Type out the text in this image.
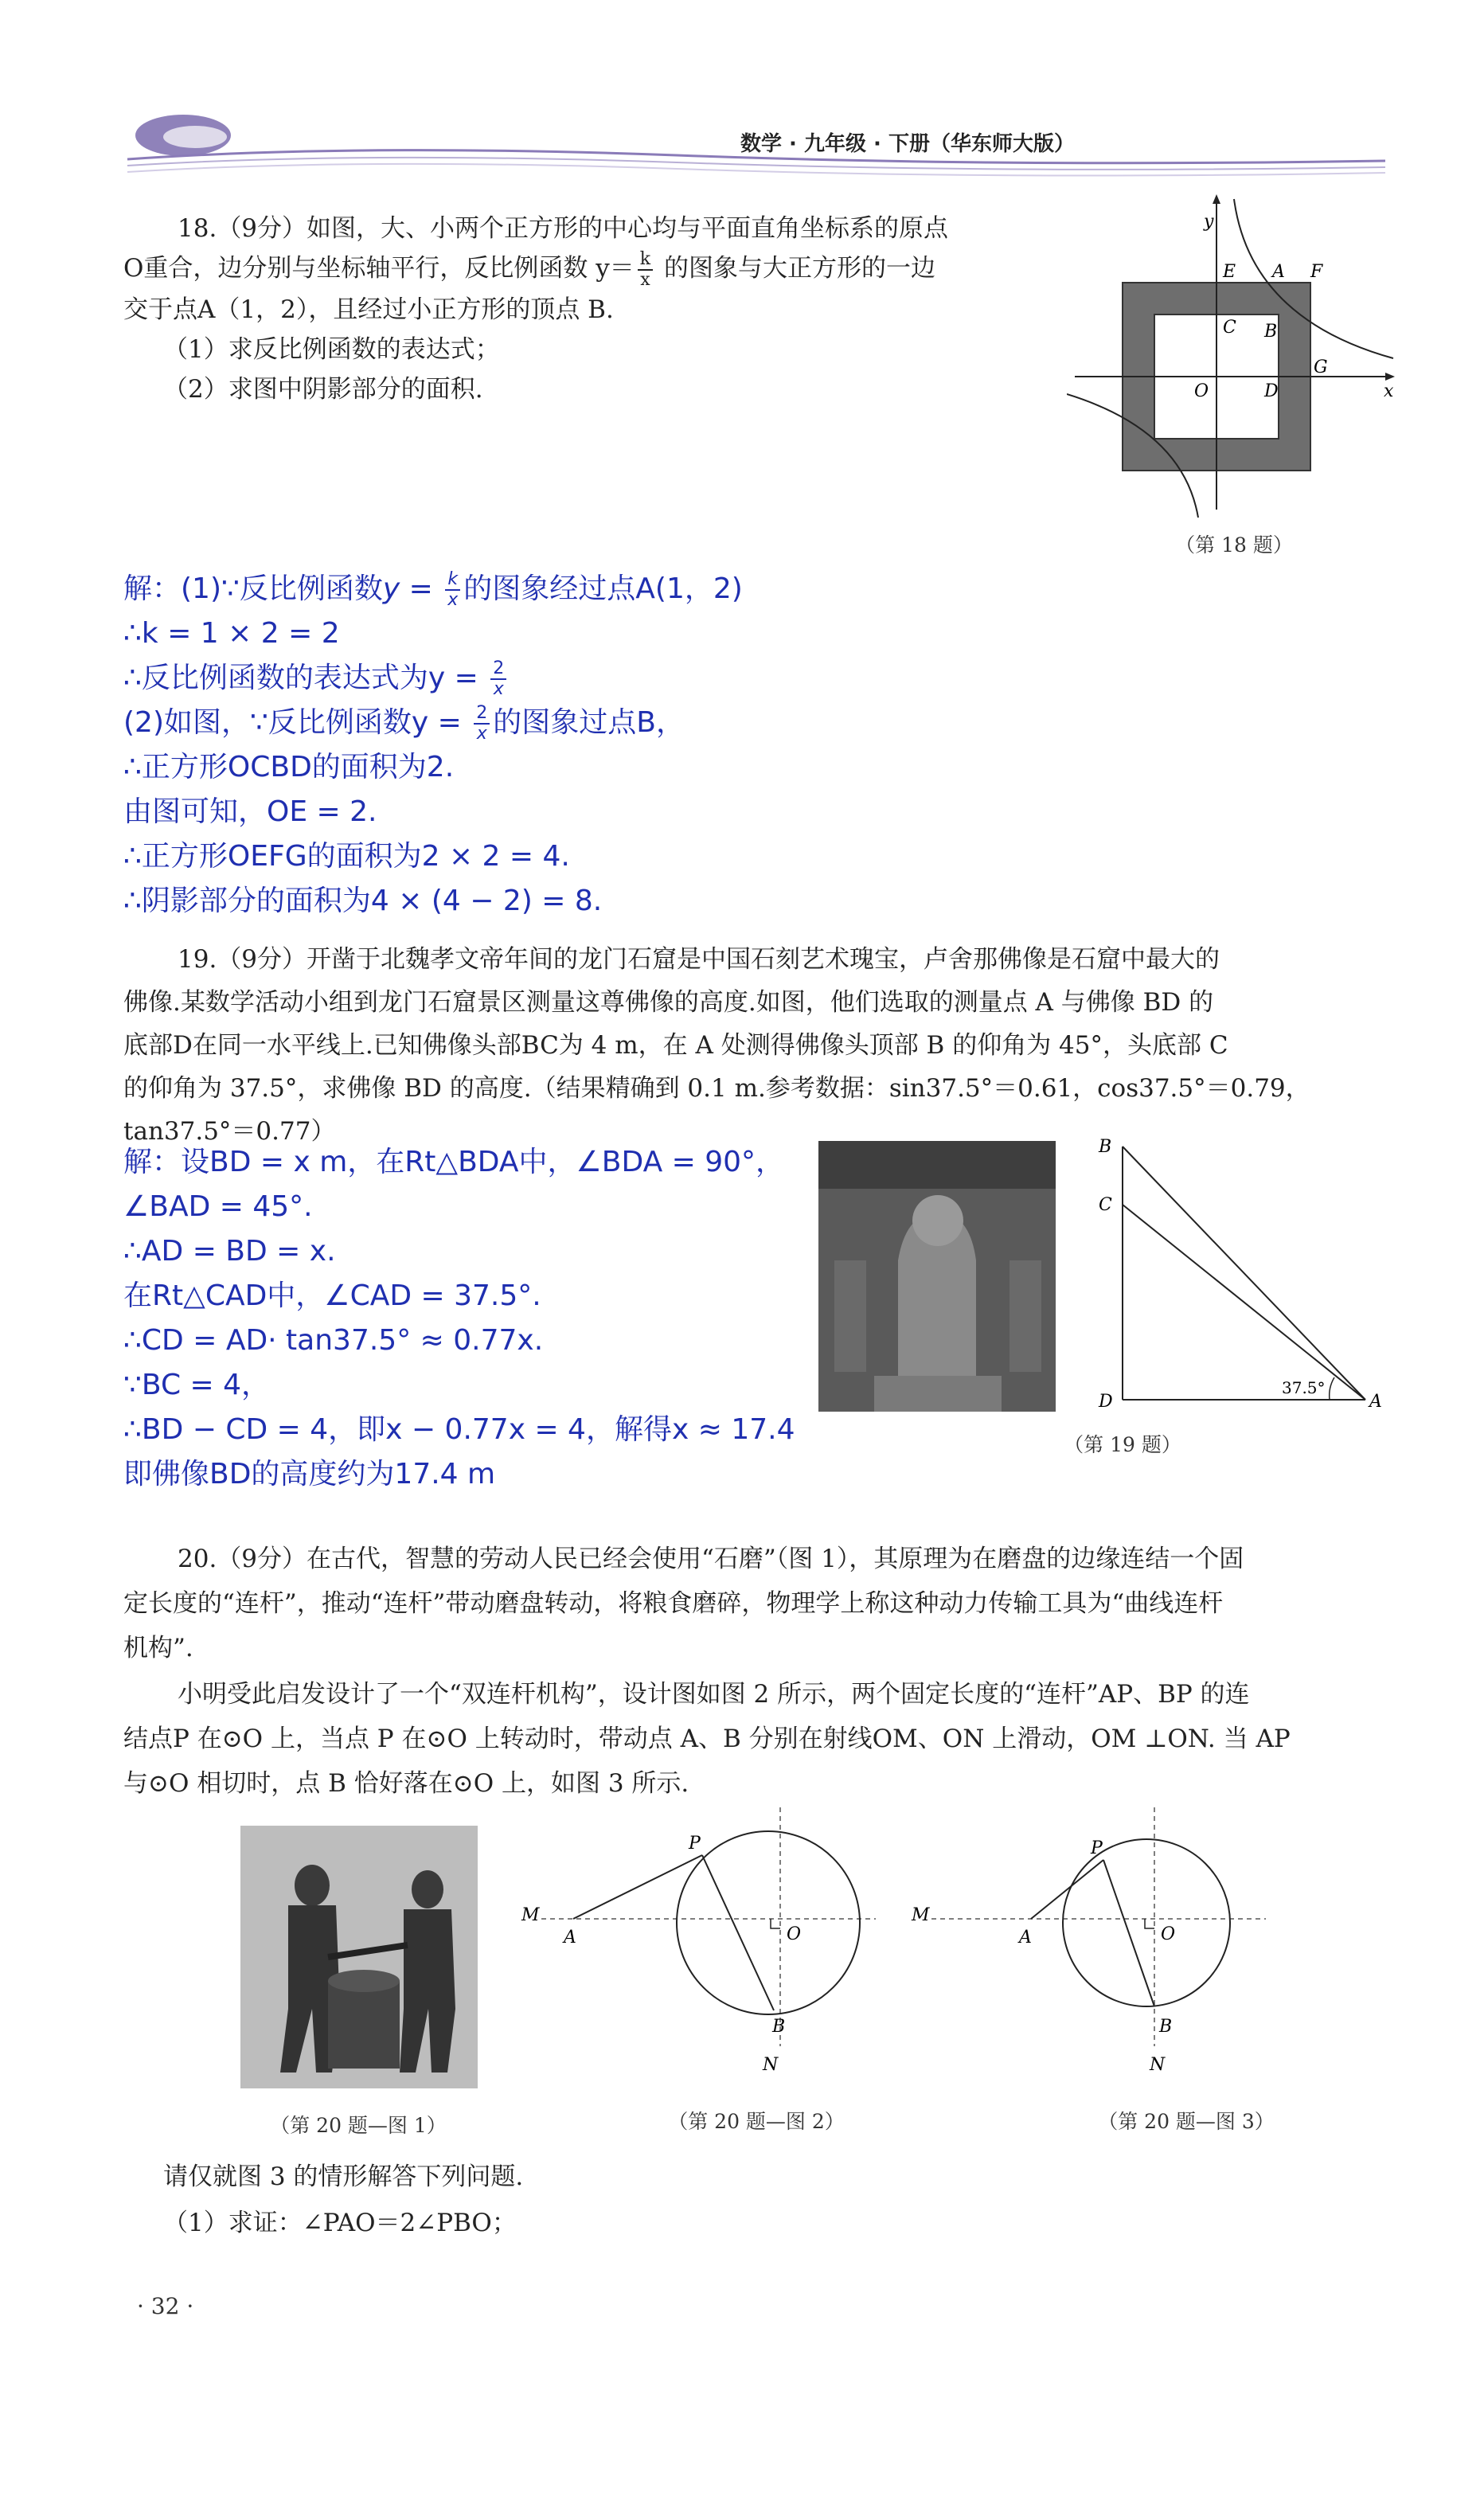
数学 · 九年级 · 下册（华东师大版）
18.（9分）如图，大、小两个正方形的中心均与平面直角坐标系的原点
O重合，边分别与坐标轴平行，反比例函数 $y= \frac{k}{x}$ 的图象与大正方形的一边
交于点A（1，2），且经过小正方形的顶点 B.
（1）求反比例函数的表达式；
（2）求图中阴影部分的面积.
y
x
E A F
C B
G
O	D
（第 18 题）
解：(1)∵反比例函数$y = \frac{k}{x}$ 的图象经过点A(1，2)
∴k = 1 × 2 = 2
∴反比例函数的表达式为$y = \frac{2}{x}$
(2)如图，∵反比例函数$y = \frac{2}{x}$ 的图象过点B，
∴正方形OCBD的面积为2.
由图可知，OE = 2.
∴正方形OEFG的面积为2 × 2 = 4.
∴阴影部分的面积为4 × (4 − 2) = 8.
19.（9分）开凿于北魏孝文帝年间的龙门石窟是中国石刻艺术瑰宝，卢舍那佛像是石窟中最大的
佛像.某数学活动小组到龙门石窟景区测量这尊佛像的高度.如图，他们选取的测量点 A 与佛像 BD 的
底部D在同一水平线上.已知佛像头部BC为 4 m，在 A 处测得佛像头顶部 B 的仰角为 45°，头底部 C
的仰角为 37.5°，求佛像 BD 的高度.（结果精确到 0.1 m.参考数据：sin37.5°＝0.61，cos37.5°＝0.79，
tan37.5°＝0.77）
解：设BD = x m，在Rt△BDA中，∠BDA = 90°，
∠BAD = 45°.
∴AD = BD = x.
在Rt△CAD中，∠CAD = 37.5°.
∴CD = AD· tan37.5° ≈ 0.77x.
∵BC = 4，
∴BD − CD = 4，即x − 0.77x = 4，解得x ≈ 17.4
即佛像BD的高度约为17.4 m
B
C
D	A
37.5°
（第 19 题）
20.（9分）在古代，智慧的劳动人民已经会使用“石磨”（图 1），其原理为在磨盘的边缘连结一个固
定长度的“连杆”，推动“连杆”带动磨盘转动，将粮食磨碎，物理学上称这种动力传输工具为“曲线连杆
机构”.
小明受此启发设计了一个“双连杆机构”，设计图如图 2 所示，两个固定长度的“连杆”AP、BP 的连
结点P 在⊙O 上，当点 P 在⊙O 上转动时，带动点 A、B 分别在射线OM、ON 上滑动，OM ⊥ON. 当 AP
与⊙O 相切时，点 B 恰好落在⊙O 上，如图 3 所示.
（第 20 题—图 1）
M
A
P
O
B
N
（第 20 题—图 2）
M
A
P
O
B
N
（第 20 题—图 3）
请仅就图 3 的情形解答下列问题.
（1）求证：∠PAO＝2∠PBO；
· 32 ·
